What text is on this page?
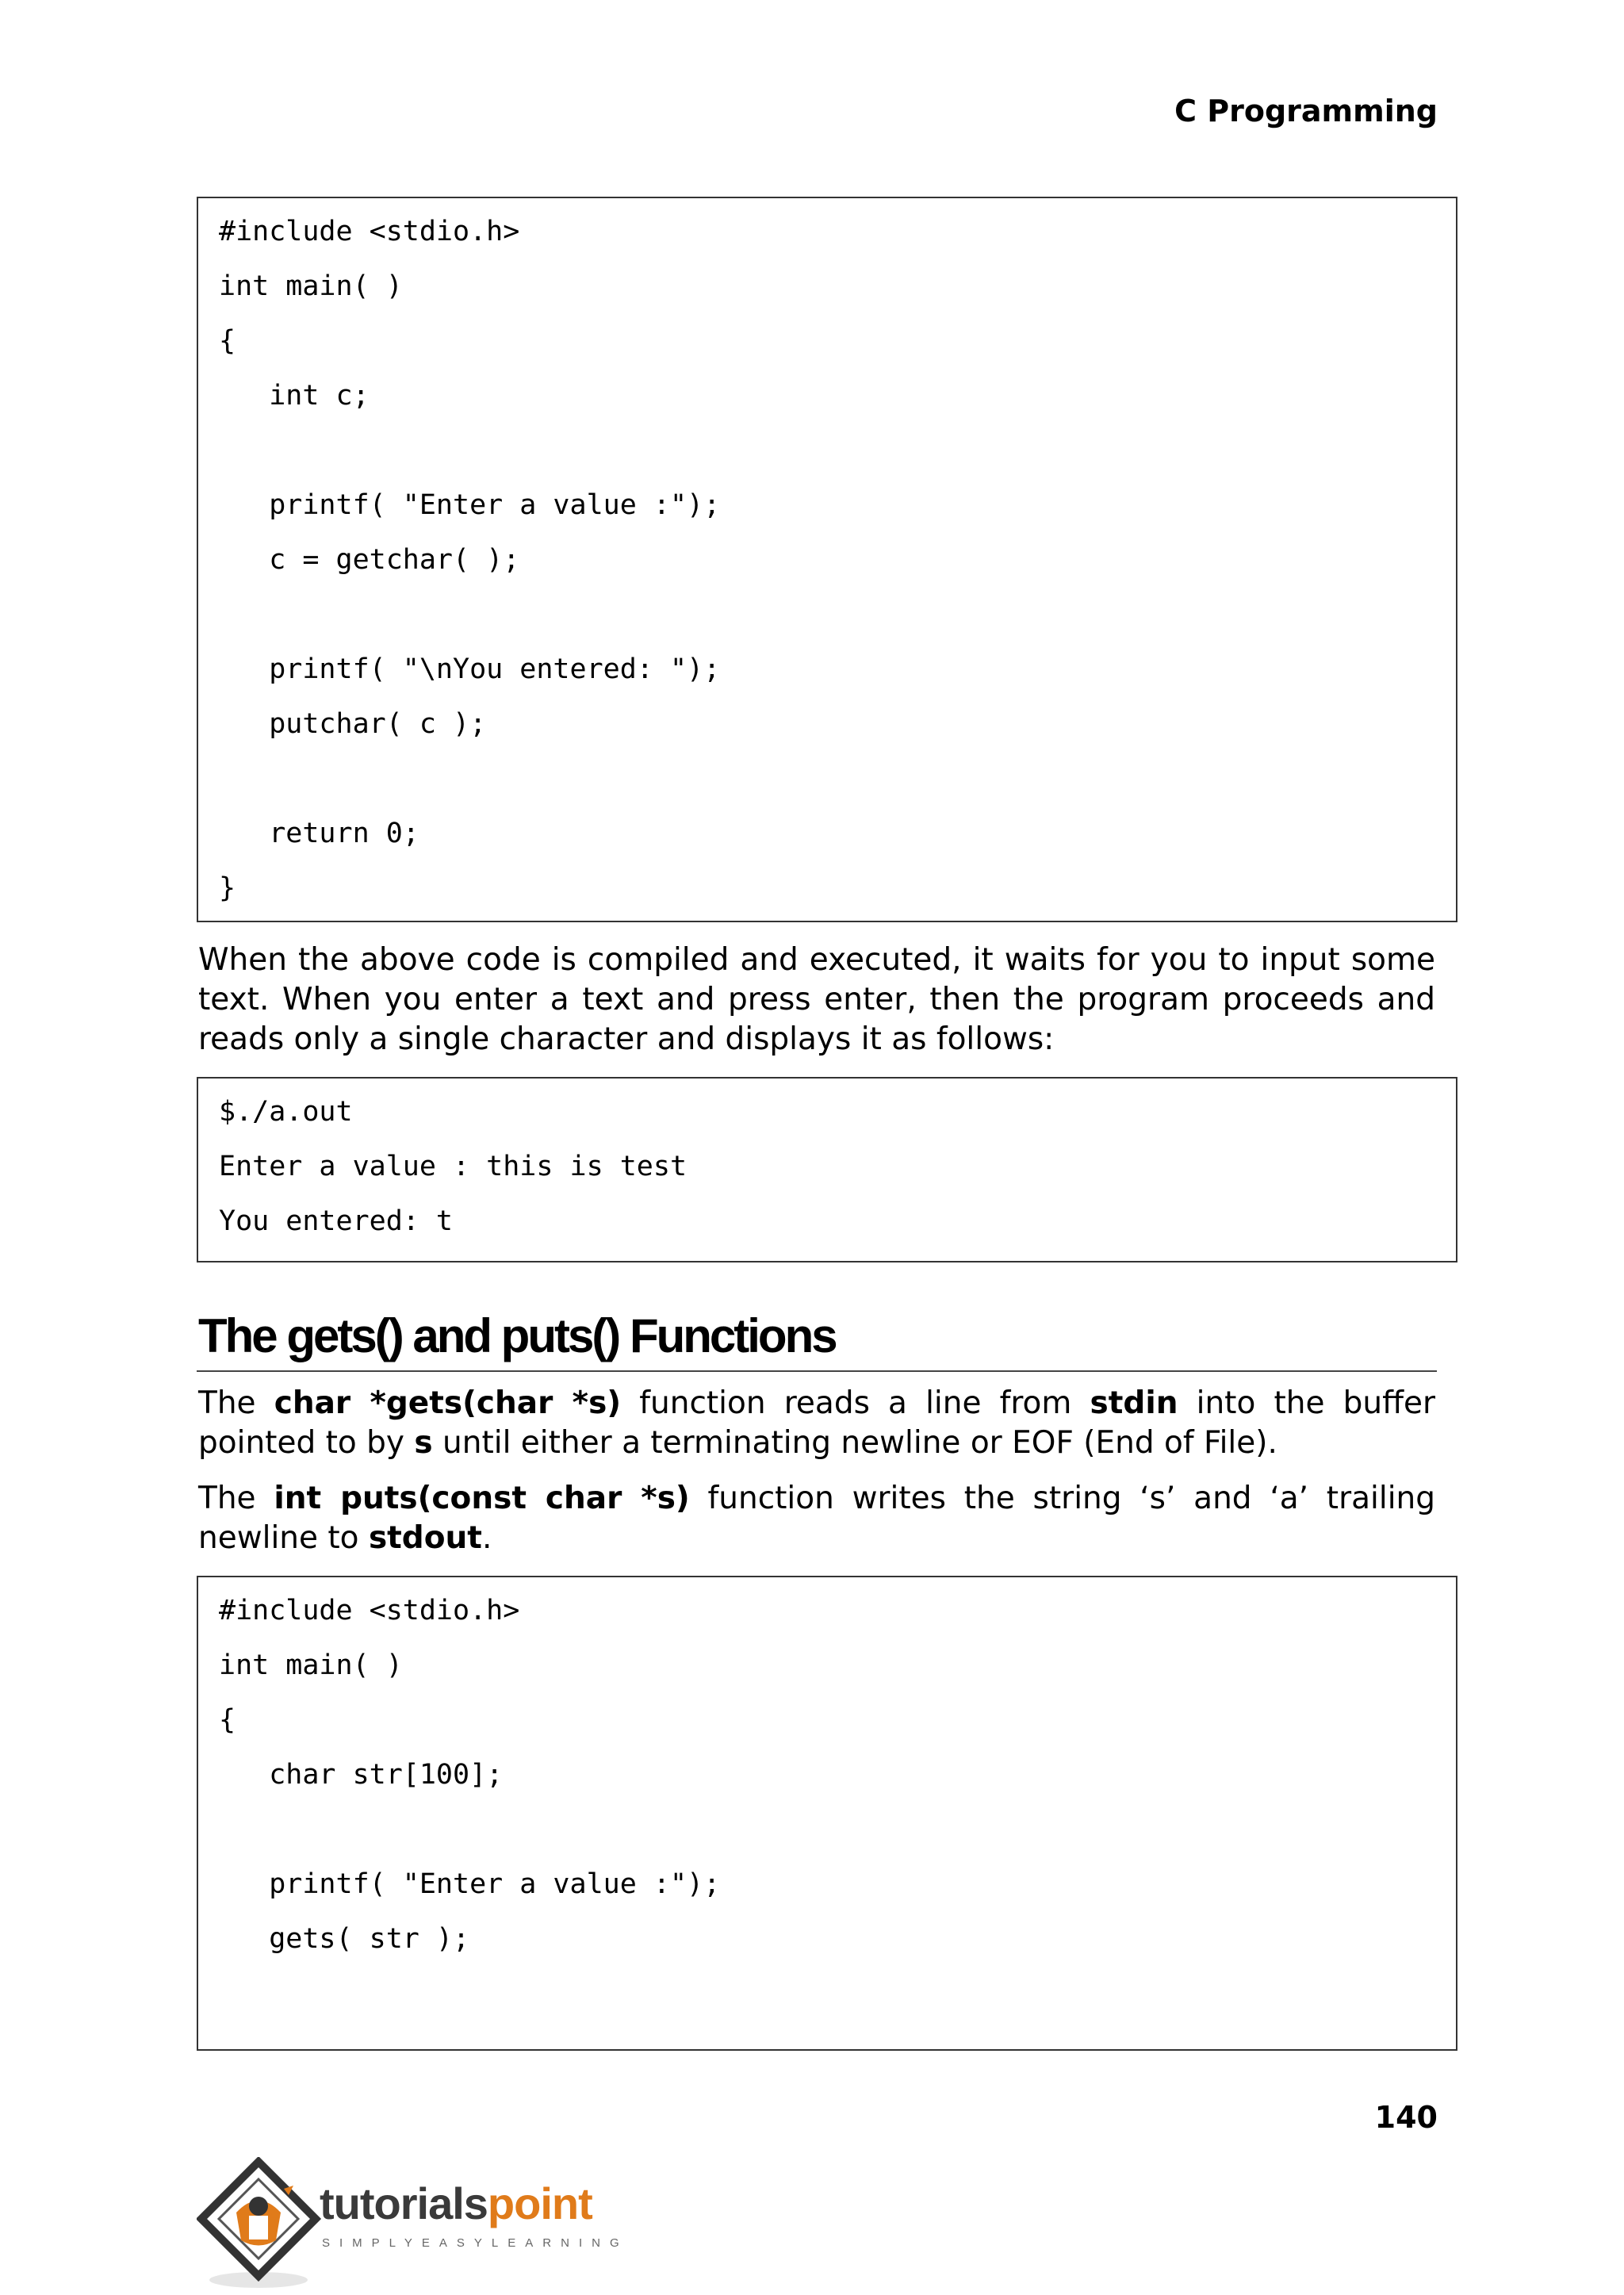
C Programming
#include <stdio.h>
int main( )
{
int c;
printf( "Enter a value :");
c = getchar( );
printf( "\nYou entered: ");
putchar( c );
return 0;
}
When the above code is compiled and executed, it waits for you to input some text. When you enter a text and press enter, then the program proceeds and reads only a single character and displays it as follows:
$./a.out
Enter a value : this is test
You entered: t
The gets() and puts() Functions
The char *gets(char *s) function reads a line from stdin into the buffer pointed to by s until either a terminating newline or EOF (End of File).
The int puts(const char *s) function writes the string ‘s’ and ‘a’ trailing newline to stdout.
#include <stdio.h>
int main( )
{
char str[100];
printf( "Enter a value :");
gets( str );
140
tutorialspoint
SIMPLYEASYLEARNING
